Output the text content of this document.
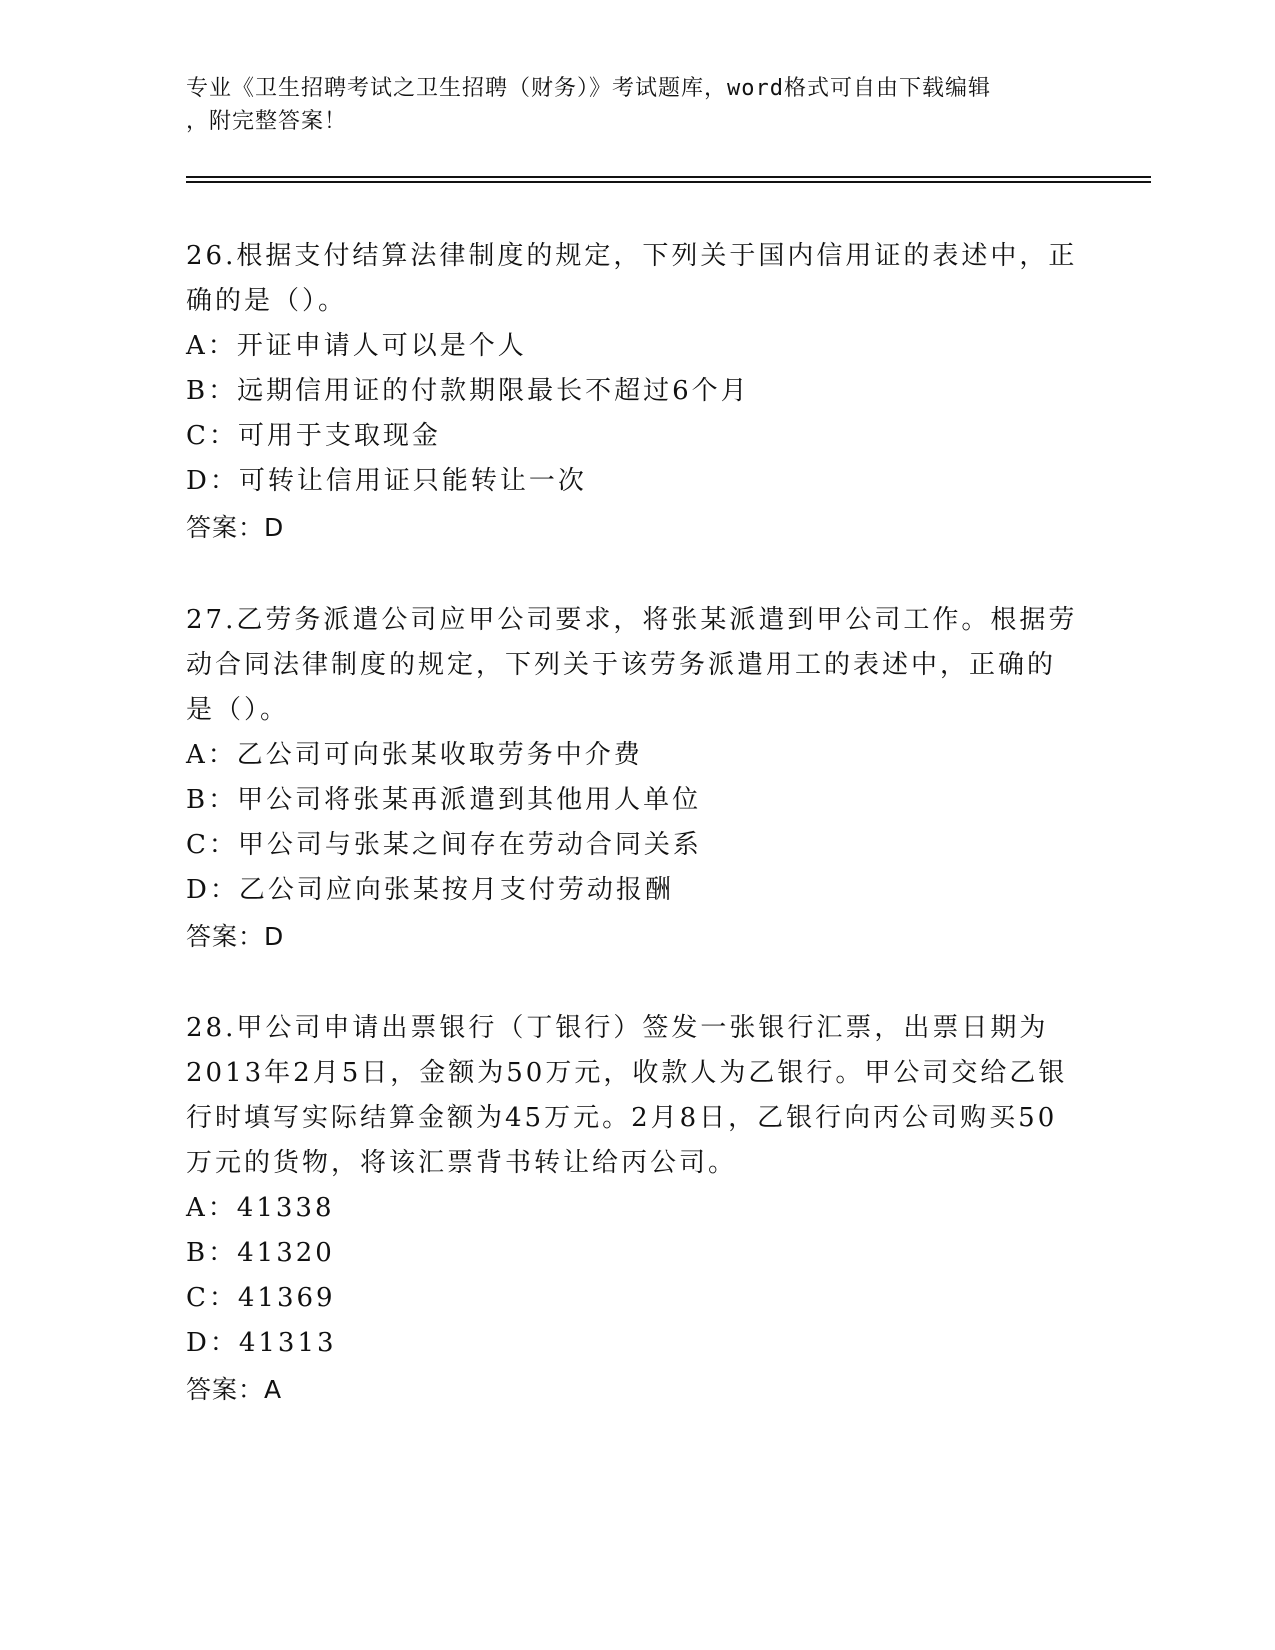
专业《卫生招聘考试之卫生招聘（财务）》考试题库，word格式可自由下载编辑
，附完整答案！
26.根据支付结算法律制度的规定，下列关于国内信用证的表述中，正
确的是（）。
A：开证申请人可以是个人
B：远期信用证的付款期限最长不超过6个月
C：可用于支取现金
D：可转让信用证只能转让一次
答案：D
27.乙劳务派遣公司应甲公司要求，将张某派遣到甲公司工作。根据劳
动合同法律制度的规定，下列关于该劳务派遣用工的表述中，正确的
是（）。
A：乙公司可向张某收取劳务中介费
B：甲公司将张某再派遣到其他用人单位
C：甲公司与张某之间存在劳动合同关系
D：乙公司应向张某按月支付劳动报酬
答案：D
28.甲公司申请出票银行（丁银行）签发一张银行汇票，出票日期为
2013年2月5日，金额为50万元，收款人为乙银行。甲公司交给乙银
行时填写实际结算金额为45万元。2月8日，乙银行向丙公司购买50
万元的货物，将该汇票背书转让给丙公司。
A：41338
B：41320
C：41369
D：41313
答案：A
